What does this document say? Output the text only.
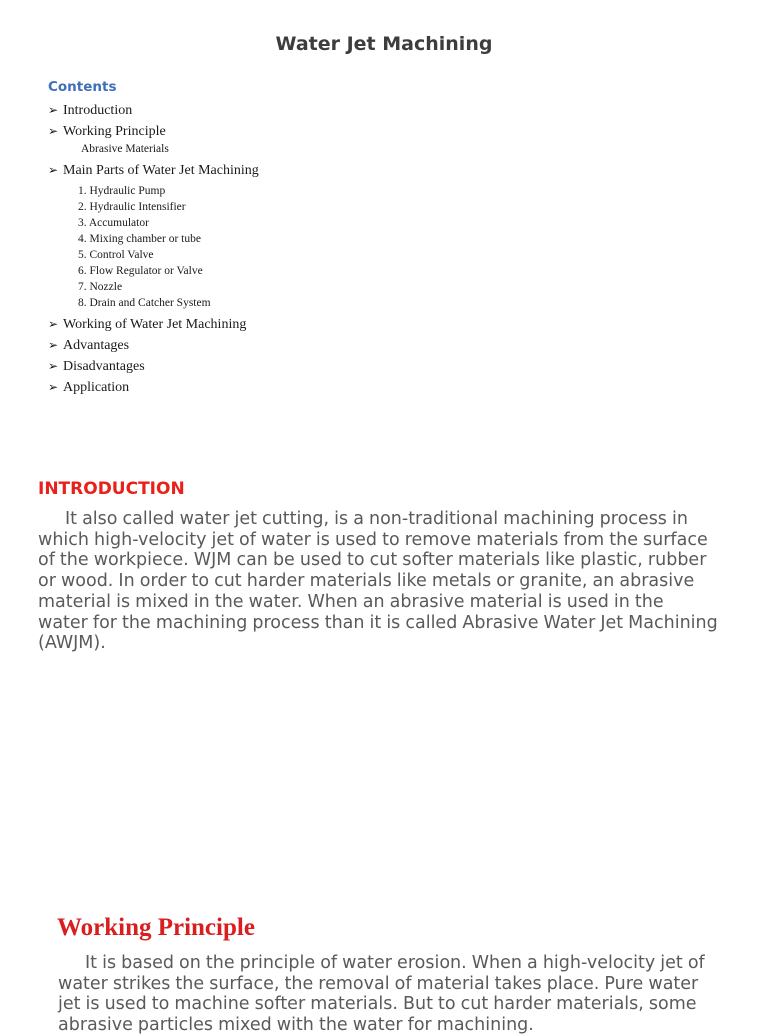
Water Jet Machining
Contents
➢ Introduction
➢ Working Principle
Abrasive Materials
➢ Main Parts of Water Jet Machining
1. Hydraulic Pump
2. Hydraulic Intensifier
3. Accumulator
4. Mixing chamber or tube
5. Control Valve
6. Flow Regulator or Valve
7. Nozzle
8. Drain and Catcher System
➢ Working of Water Jet Machining
➢ Advantages
➢ Disadvantages
➢ Application
INTRODUCTION

It also called water jet cutting, is a non-traditional machining process in which high-velocity jet of water is used to remove materials from the surface of the workpiece. WJM can be used to cut softer materials like plastic, rubber or wood. In order to cut harder materials like metals or granite, an abrasive material is mixed in the water. When an abrasive material is used in the water for the machining process than it is called Abrasive Water Jet Machining (AWJM).

Working Principle

It is based on the principle of water erosion. When a high-velocity jet of water strikes the surface, the removal of material takes place. Pure water jet is used to machine softer materials. But to cut harder materials, some abrasive particles mixed with the water for machining.
